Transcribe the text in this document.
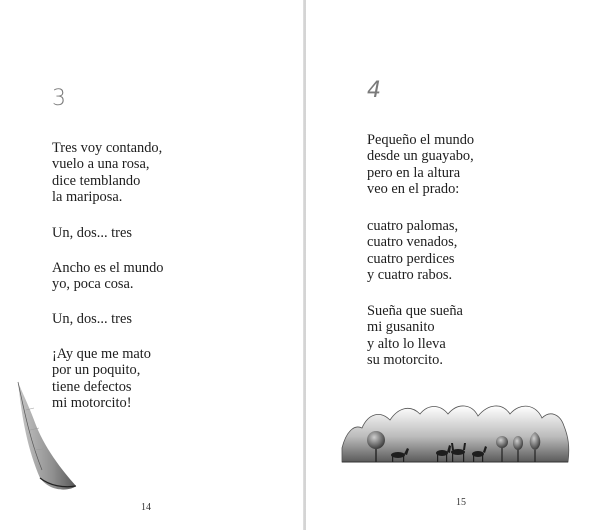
3
Tres voy contando,
vuelo a una rosa,
dice temblando
la mariposa.
Un, dos... tres
Ancho es el mundo
yo, poca cosa.
Un, dos... tres
¡Ay que me mato
por un poquito,
tiene defectos
mi motorcito!
14
4
Pequeño el mundo
desde un guayabo,
pero en la altura
veo en el prado:
cuatro palomas,
cuatro venados,
cuatro perdices
y cuatro rabos.
Sueña que sueña
mi gusanito
y alto lo lleva
su motorcito.
15
